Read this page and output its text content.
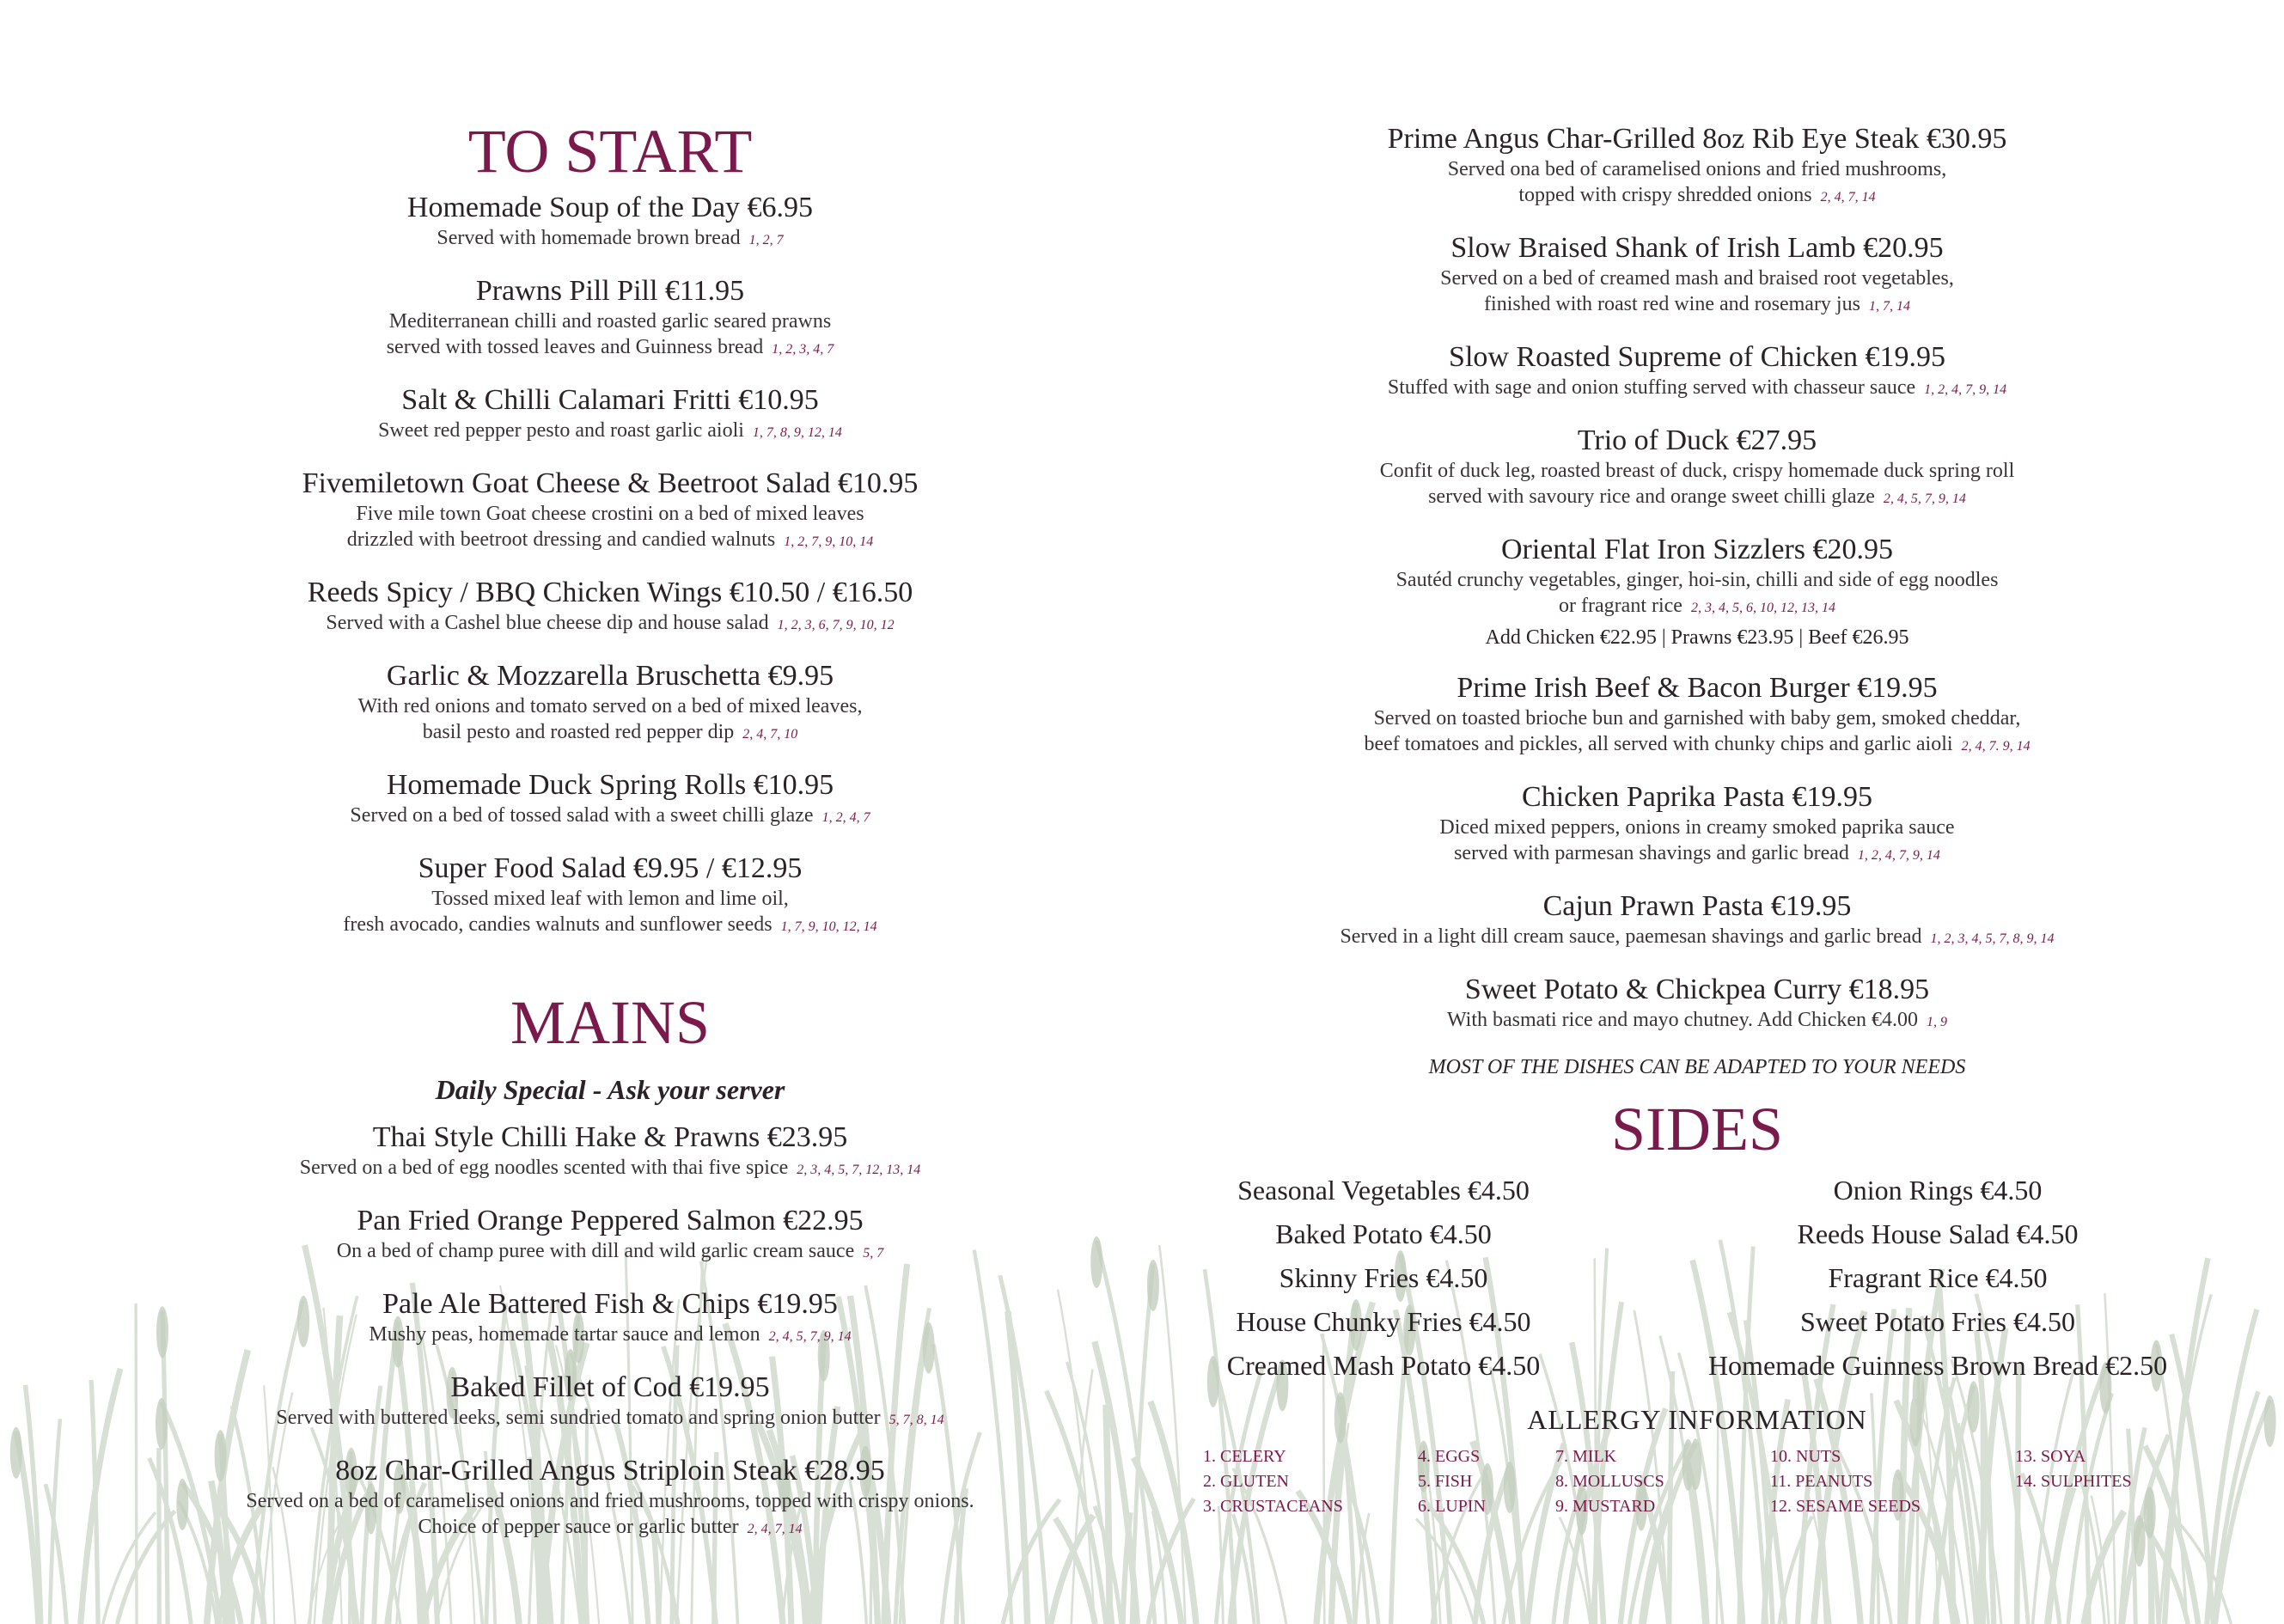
TO START
Homemade Soup of the Day €6.95
Served with homemade brown bread 1, 2, 7
Prawns Pill Pill €11.95
Mediterranean chilli and roasted garlic seared prawns
served with tossed leaves and Guinness bread 1, 2, 3, 4, 7
Salt & Chilli Calamari Fritti €10.95
Sweet red pepper pesto and roast garlic aioli 1, 7, 8, 9, 12, 14
Fivemiletown Goat Cheese & Beetroot Salad €10.95
Five mile town Goat cheese crostini on a bed of mixed leaves
drizzled with beetroot dressing and candied walnuts 1, 2, 7, 9, 10, 14
Reeds Spicy / BBQ Chicken Wings €10.50 / €16.50
Served with a Cashel blue cheese dip and house salad 1, 2, 3, 6, 7, 9, 10, 12
Garlic & Mozzarella Bruschetta €9.95
With red onions and tomato served on a bed of mixed leaves,
basil pesto and roasted red pepper dip 2, 4, 7, 10
Homemade Duck Spring Rolls €10.95
Served on a bed of tossed salad with a sweet chilli glaze 1, 2, 4, 7
Super Food Salad €9.95 / €12.95
Tossed mixed leaf with lemon and lime oil,
fresh avocado, candies walnuts and sunflower seeds 1, 7, 9, 10, 12, 14
MAINS
Daily Special - Ask your server
Thai Style Chilli Hake & Prawns €23.95
Served on a bed of egg noodles scented with thai five spice 2, 3, 4, 5, 7, 12, 13, 14
Pan Fried Orange Peppered Salmon €22.95
On a bed of champ puree with dill and wild garlic cream sauce 5, 7
Pale Ale Battered Fish & Chips €19.95
Mushy peas, homemade tartar sauce and lemon 2, 4, 5, 7, 9, 14
Baked Fillet of Cod €19.95
Served with buttered leeks, semi sundried tomato and spring onion butter 5, 7, 8, 14
8oz Char-Grilled Angus Striploin Steak €28.95
Served on a bed of caramelised onions and fried mushrooms, topped with crispy onions.
Choice of pepper sauce or garlic butter 2, 4, 7, 14
Prime Angus Char-Grilled 8oz Rib Eye Steak €30.95
Served ona bed of caramelised onions and fried mushrooms,
topped with crispy shredded onions 2, 4, 7, 14
Slow Braised Shank of Irish Lamb €20.95
Served on a bed of creamed mash and braised root vegetables,
finished with roast red wine and rosemary jus 1, 7, 14
Slow Roasted Supreme of Chicken €19.95
Stuffed with sage and onion stuffing served with chasseur sauce 1, 2, 4, 7, 9, 14
Trio of Duck €27.95
Confit of duck leg, roasted breast of duck, crispy homemade duck spring roll
served with savoury rice and orange sweet chilli glaze 2, 4, 5, 7, 9, 14
Oriental Flat Iron Sizzlers €20.95
Sautéd crunchy vegetables, ginger, hoi-sin, chilli and side of egg noodles
or fragrant rice 2, 3, 4, 5, 6, 10, 12, 13, 14
Add Chicken €22.95 | Prawns €23.95 | Beef €26.95
Prime Irish Beef & Bacon Burger €19.95
Served on toasted brioche bun and garnished with baby gem, smoked cheddar,
beef tomatoes and pickles, all served with chunky chips and garlic aioli 2, 4, 7. 9, 14
Chicken Paprika Pasta €19.95
Diced mixed peppers, onions in creamy smoked paprika sauce
served with parmesan shavings and garlic bread 1, 2, 4, 7, 9, 14
Cajun Prawn Pasta €19.95
Served in a light dill cream sauce, paemesan shavings and garlic bread 1, 2, 3, 4, 5, 7, 8, 9, 14
Sweet Potato & Chickpea Curry €18.95
With basmati rice and mayo chutney. Add Chicken €4.00 1, 9
MOST OF THE DISHES CAN BE ADAPTED TO YOUR NEEDS
SIDES
Seasonal Vegetables €4.50
Baked Potato €4.50
Skinny Fries €4.50
House Chunky Fries €4.50
Creamed Mash Potato €4.50
Onion Rings €4.50
Reeds House Salad €4.50
Fragrant Rice €4.50
Sweet Potato Fries €4.50
Homemade Guinness Brown Bread €2.50
ALLERGY INFORMATION
1. CELERY
2. GLUTEN
3. CRUSTACEANS
4. EGGS
5. FISH
6. LUPIN
7. MILK
8. MOLLUSCS
9. MUSTARD
10. NUTS
11. PEANUTS
12. SESAME SEEDS
13. SOYA
14. SULPHITES
